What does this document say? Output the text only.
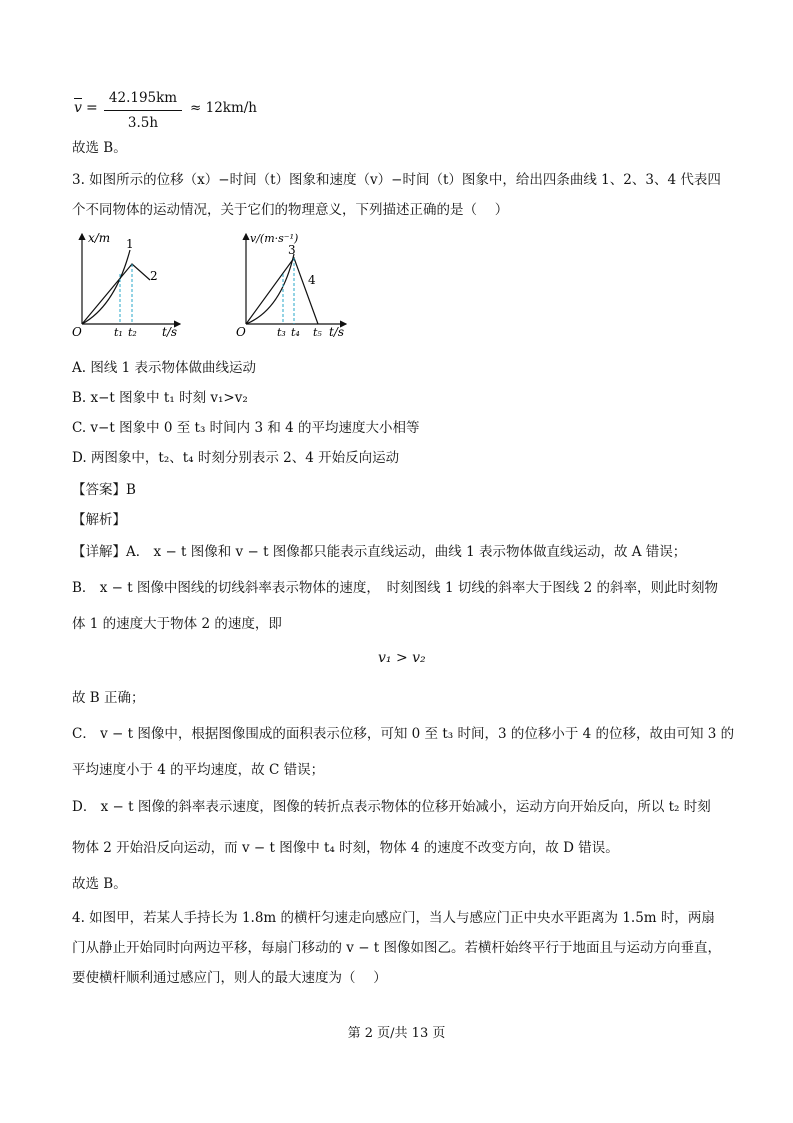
v =
42.195km
3.5h
≈ 12km/h
故选 B。
3. 如图所示的位移（x）−时间（t）图象和速度（v）−时间（t）图象中，给出四条曲线 1、2、3、4 代表四
个不同物体的运动情况，关于它们的物理意义，下列描述正确的是（　 ）
x/m 1
2
O	t₁ t₂ t/s
v/(m·s⁻¹)
3
4
O	t₃ t₄ t₅ t/s
A. 图线 1 表示物体做曲线运动
B. x−t 图象中 t₁ 时刻 v₁>v₂
C. v−t 图象中 0 至 t₃ 时间内 3 和 4 的平均速度大小相等
D. 两图象中，t₂、t₄ 时刻分别表示 2、4 开始反向运动
【答案】B
【解析】
【详解】A． x − t 图像和 v − t 图像都只能表示直线运动，曲线 1 表示物体做直线运动，故 A 错误；
B． x − t 图像中图线的切线斜率表示物体的速度，　时刻图线 1 切线的斜率大于图线 2 的斜率，则此时刻物
体 1 的速度大于物体 2 的速度，即
v₁ > v₂
故 B 正确；
C． v − t 图像中，根据图像围成的面积表示位移，可知 0 至 t₃ 时间，3 的位移小于 4 的位移，故由可知 3 的
平均速度小于 4 的平均速度，故 C 错误；
D． x − t 图像的斜率表示速度，图像的转折点表示物体的位移开始减小，运动方向开始反向，所以 t₂ 时刻
物体 2 开始沿反向运动，而 v − t 图像中 t₄ 时刻，物体 4 的速度不改变方向，故 D 错误。
故选 B。
4. 如图甲，若某人手持长为 1.8m 的横杆匀速走向感应门，当人与感应门正中央水平距离为 1.5m 时，两扇
门从静止开始同时向两边平移，每扇门移动的 v − t 图像如图乙。若横杆始终平行于地面且与运动方向垂直，
要使横杆顺利通过感应门，则人的最大速度为（　 ）
第 2 页/共 13 页
